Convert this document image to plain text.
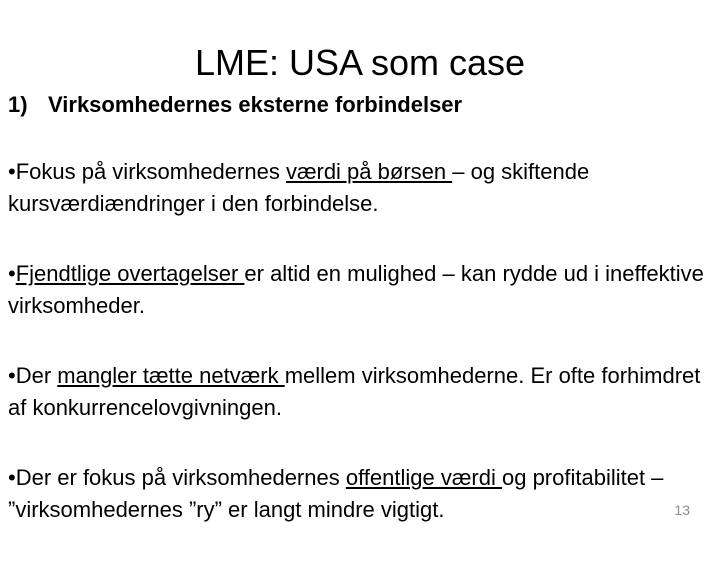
LME: USA som case
1) Virksomhedernes eksterne forbindelser
•Fokus på virksomhedernes værdi på børsen – og skiftende kursværdiændringer i den forbindelse.
•Fjendtlige overtagelser er altid en mulighed – kan rydde ud i ineffektive virksomheder.
•Der mangler tætte netværk mellem virksomhederne. Er ofte forhimdret af konkurrencelovgivningen.
•Der er fokus på virksomhedernes offentlige værdi og profitabilitet – ”virksomhedernes ”ry” er langt mindre vigtigt.	13
